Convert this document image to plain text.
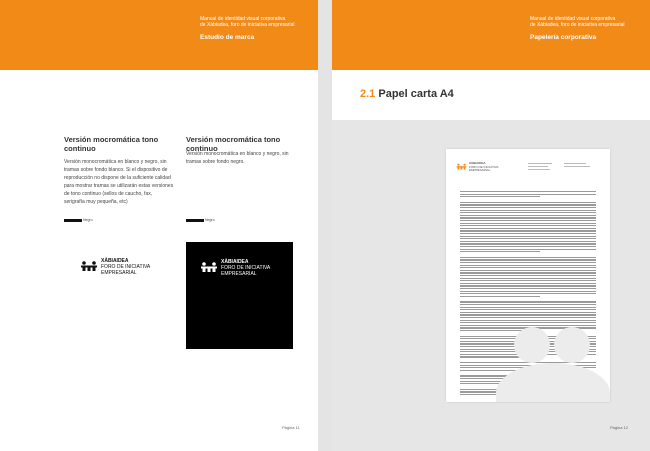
Manual de identidad visual corporativa
de Xàbiadea, foro de iniciativa empresarial
Estudio de marca
Versión mocromática tono continuo
Versión monocromática en blanco y negro, sin tramas sobre fondo blanco. Si el dispositivo de reproducción no dispone de la suficiente calidad para mostrar tramas se utilizarán estas versiones de tono continuo (sellos de caucho, fax, serigrafía muy pequeña, etc)
Negro
Versión mocromática tono continuo
Versión monocromática en blanco y negro, sin tramas sobre fondo negro.
Negro
XÀBIAIDEA
FORO DE INICIATIVA
EMPRESARIAL
XÀBIAIDEA
FORO DE INICIATIVA
EMPRESARIAL
Página 11
Manual de identidad visual corporativa
de Xàbiadea, foro de iniciativa empresarial
Papelería corporativa
2.1 Papel carta A4
XÀBIAIDEA
FORO DE INICIATIVA
EMPRESARIAL
Página 12
